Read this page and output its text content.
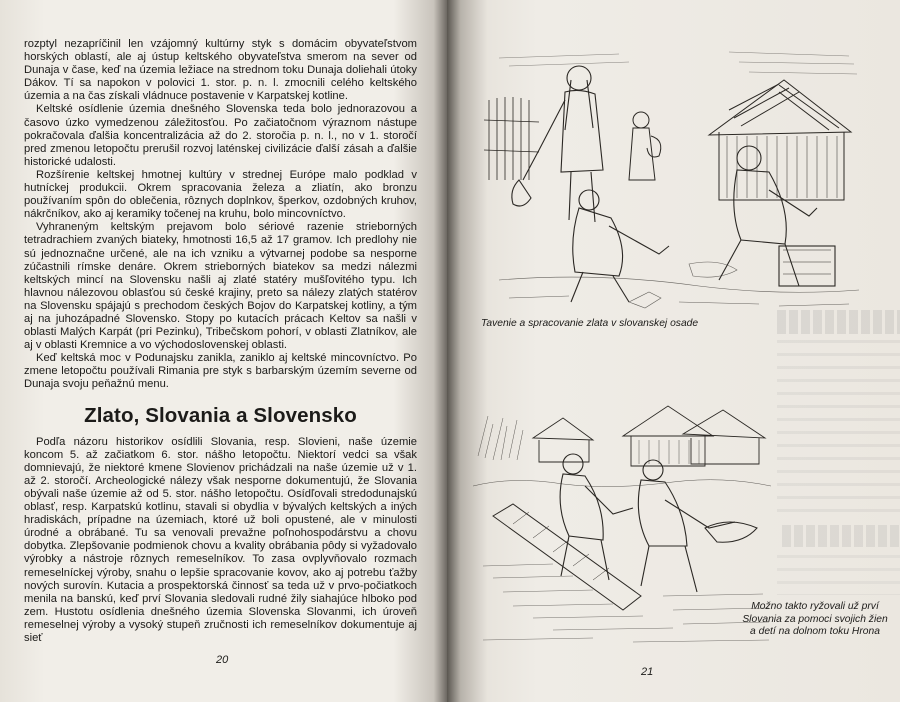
rozptyl nezapríčinil len vzájomný kultúrny styk s domácim obyvateľstvom horských oblastí, ale aj ústup keltského obyvateľstva smerom na sever od Dunaja v čase, keď na územia ležiace na strednom toku Dunaja doliehali útoky Dákov. Tí sa napokon v polovici 1. stor. p. n. l. zmocnili celého keltského územia a na čas získali vládnuce postavenie v Karpatskej kotline.

Keltské osídlenie územia dnešného Slovenska teda bolo jednorazovou a časovo úzko vymedzenou záležitosťou. Po začiatočnom výraznom nástupe pokračovala ďalšia koncentralizácia až do 2. storočia p. n. l., no v 1. storočí pred zmenou letopočtu prerušil rozvoj laténskej civilizácie ďalší zásah a ďalšie historické udalosti.

Rozšírenie keltskej hmotnej kultúry v strednej Európe malo podklad v hutníckej produkcii. Okrem spracovania železa a zliatín, ako bronzu používaním spôn do oblečenia, rôznych doplnkov, šperkov, ozdobných kruhov, nákrčníkov, ako aj keramiky točenej na kruhu, bolo mincovníctvo.

Vyhraneným keltským prejavom bolo sériové razenie strieborných tetradrachiem zvaných biateky, hmotnosti 16,5 až 17 gramov. Ich predlohy nie sú jednoznačne určené, ale na ich vzniku a výtvarnej podobe sa nesporne zúčastnili rímske denáre. Okrem strieborných biatekov sa medzi nálezmi keltských mincí na Slovensku našli aj zlaté statéry mušľovitého typu. Ich hlavnou nálezovou oblasťou sú české krajiny, preto sa nálezy zlatých statérov na Slovensku spájajú s prechodom českých Bojov do Karpatskej kotliny, a tým aj na juhozápadné Slovensko. Stopy po kutacích prácach Keltov sa našli v oblasti Malých Karpát (pri Pezinku), Tribečskom pohorí, v oblasti Zlatníkov, ale aj v oblasti Kremnice a vo východoslovenskej oblasti.

Keď keltská moc v Podunajsku zanikla, zaniklo aj keltské mincovníctvo. Po zmene letopočtu používali Rimania pre styk s barbarským územím severne od Dunaja svoju peňažnú menu.

Zlato, Slovania a Slovensko

Podľa názoru historikov osídlili Slovania, resp. Slovieni, naše územie koncom 5. až začiatkom 6. stor. nášho letopočtu. Niektorí vedci sa však domnievajú, že niektoré kmene Slovienov prichádzali na naše územie už v 1. až 2. storočí. Archeologické nálezy však nesporne dokumentujú, že Slovania obývali naše územie až od 5. stor. nášho letopočtu. Osídľovali stredodunajskú oblasť, resp. Karpatskú kotlinu, stavali si obydlia v bývalých keltských a iných hradiskách, prípadne na územiach, ktoré už boli opustené, ale v minulosti úrodné a obrábané. Tu sa venovali prevažne poľnohospodárstvu a chovu dobytka. Zlepšovanie podmienok chovu a kvality obrábania pôdy si vyžadovalo výrobky a nástroje rôznych remeselníkov. To zasa ovplyvňovalo rozmach remeselníckej výroby, snahu o lepšie spracovanie kovov, ako aj potrebu ťažby nových surovín. Kutacia a prospektorská činnosť sa teda už v prvo-počiatkoch menila na banskú, keď prví Slovania sledovali rudné žily siahajúce hlboko pod zem. Hustotu osídlenia dnešného územia Slovenska Slovanmi, ich úroveň remeselnej výroby a vysoký stupeň zručnosti ich remeselníkov dokumentuje aj sieť

20
Tavenie a spracovanie zlata v slovanskej osade
Možno takto ryžovali už prví Slovania za pomoci svojich žien a detí na dolnom toku Hrona
21
